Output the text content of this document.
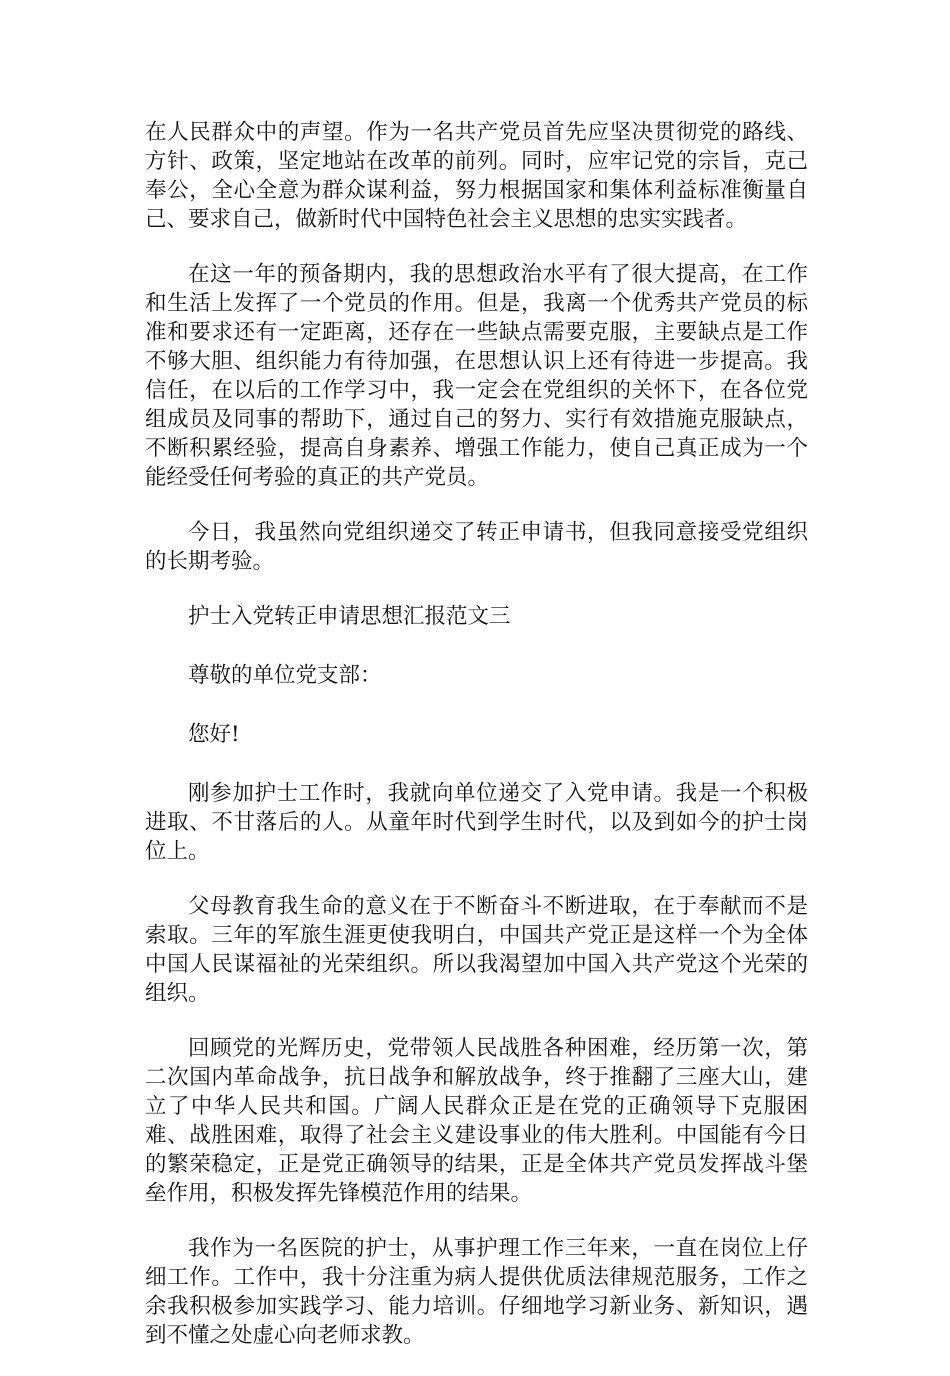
在人民群众中的声望。作为一名共产党员首先应坚决贯彻党的路线、方针、政策，坚定地站在改革的前列。同时，应牢记党的宗旨，克己奉公，全心全意为群众谋利益，努力根据国家和集体利益标准衡量自己、要求自己，做新时代中国特色社会主义思想的忠实实践者。

在这一年的预备期内，我的思想政治水平有了很大提高，在工作和生活上发挥了一个党员的作用。但是，我离一个优秀共产党员的标准和要求还有一定距离，还存在一些缺点需要克服，主要缺点是工作不够大胆、组织能力有待加强，在思想认识上还有待进一步提高。我信任，在以后的工作学习中，我一定会在党组织的关怀下，在各位党组成员及同事的帮助下，通过自己的努力、实行有效措施克服缺点，不断积累经验，提高自身素养、增强工作能力，使自己真正成为一个能经受任何考验的真正的共产党员。

今日，我虽然向党组织递交了转正申请书，但我同意接受党组织的长期考验。

护士入党转正申请思想汇报范文三

尊敬的单位党支部：

您好!

刚参加护士工作时，我就向单位递交了入党申请。我是一个积极进取、不甘落后的人。从童年时代到学生时代，以及到如今的护士岗位上。

父母教育我生命的意义在于不断奋斗不断进取，在于奉献而不是索取。三年的军旅生涯更使我明白，中国共产党正是这样一个为全体中国人民谋福祉的光荣组织。所以我渴望加中国入共产党这个光荣的组织。

回顾党的光辉历史，党带领人民战胜各种困难，经历第一次，第二次国内革命战争，抗日战争和解放战争，终于推翻了三座大山，建立了中华人民共和国。广阔人民群众正是在党的正确领导下克服困难、战胜困难，取得了社会主义建设事业的伟大胜利。中国能有今日的繁荣稳定，正是党正确领导的结果，正是全体共产党员发挥战斗堡垒作用，积极发挥先锋模范作用的结果。

我作为一名医院的护士，从事护理工作三年来，一直在岗位上仔细工作。工作中，我十分注重为病人提供优质法律规范服务，工作之余我积极参加实践学习、能力培训。仔细地学习新业务、新知识，遇到不懂之处虚心向老师求教。
